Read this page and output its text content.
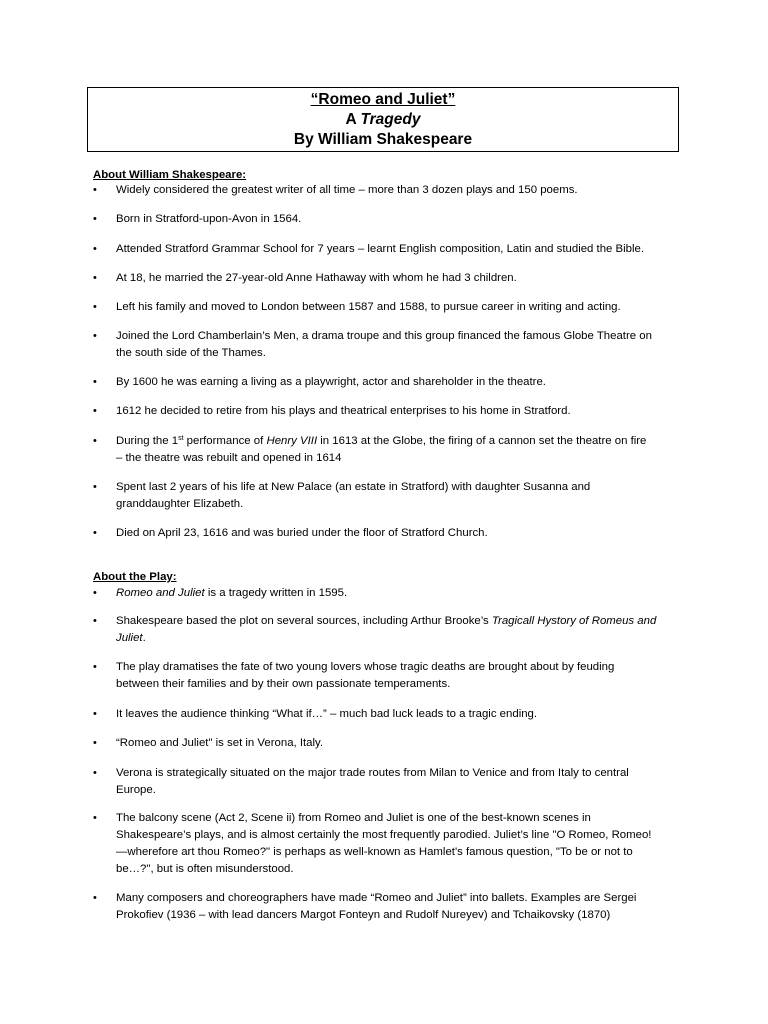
“Romeo and Juliet”
A Tragedy
By William Shakespeare
About William Shakespeare:
•	Widely considered the greatest writer of all time – more than 3 dozen plays and 150 poems.
•	Born in Stratford-upon-Avon in 1564.
•	Attended Stratford Grammar School for 7 years – learnt English composition, Latin and studied the Bible.
•	At 18, he married the 27-year-old Anne Hathaway with whom he had 3 children.
•	Left his family and moved to London between 1587 and 1588, to pursue career in writing and acting.
•	Joined the Lord Chamberlain’s Men, a drama troupe and this group financed the famous Globe Theatre on
the south side of the Thames.
•	By 1600 he was earning a living as a playwright, actor and shareholder in the theatre.
•	1612 he decided to retire from his plays and theatrical enterprises to his home in Stratford.
•	During the 1st performance of Henry VIII in 1613 at the Globe, the firing of a cannon set the theatre on fire
– the theatre was rebuilt and opened in 1614
•	Spent last 2 years of his life at New Palace (an estate in Stratford) with daughter Susanna and
granddaughter Elizabeth.
•	Died on April 23, 1616 and was buried under the floor of Stratford Church.
About the Play:
•	Romeo and Juliet is a tragedy written in 1595.
•	Shakespeare based the plot on several sources, including Arthur Brooke’s Tragicall Hystory of Romeus and
Juliet.
•	The play dramatises the fate of two young lovers whose tragic deaths are brought about by feuding
between their families and by their own passionate temperaments.
•	It leaves the audience thinking “What if…” – much bad luck leads to a tragic ending.
•	“Romeo and Juliet" is set in Verona, Italy.
•	Verona is strategically situated on the major trade routes from Milan to Venice and from Italy to central
Europe.
•	The balcony scene (Act 2, Scene ii) from Romeo and Juliet is one of the best-known scenes in
Shakespeare’s plays, and is almost certainly the most frequently parodied. Juliet’s line "O Romeo, Romeo!
—wherefore art thou Romeo?" is perhaps as well-known as Hamlet's famous question, "To be or not to
be…?", but is often misunderstood.
•	Many composers and choreographers have made “Romeo and Juliet” into ballets. Examples are Sergei
Prokofiev (1936 – with lead dancers Margot Fonteyn and Rudolf Nureyev) and Tchaikovsky (1870)
